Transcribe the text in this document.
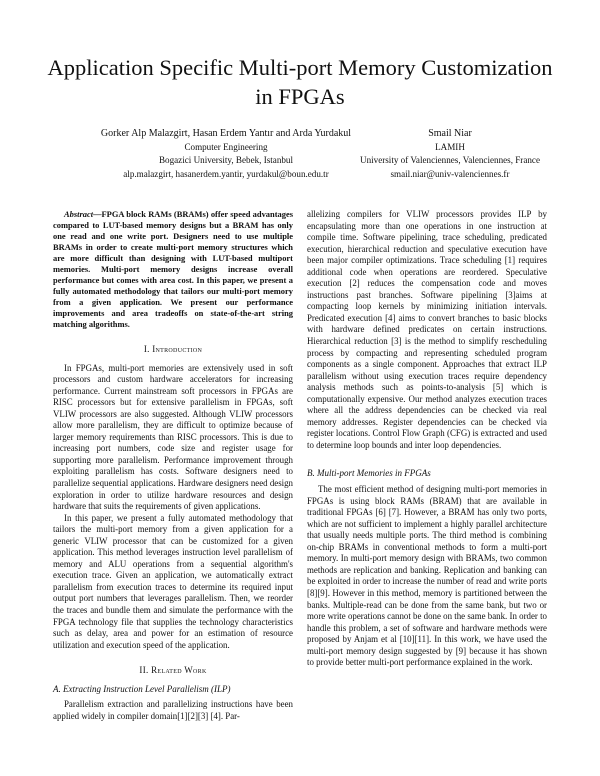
Application Specific Multi-port Memory Customization in FPGAs
Gorker Alp Malazgirt, Hasan Erdem Yantır and Arda Yurdakul
Computer Engineering
Bogazici University, Bebek, Istanbul
alp.malazgirt, hasanerdem.yantir, yurdakul@boun.edu.tr
Smail Niar
LAMIH
University of Valenciennes, Valenciennes, France
smail.niar@univ-valenciennes.fr

Abstract—FPGA block RAMs (BRAMs) offer speed advantages compared to LUT-based memory designs but a BRAM has only one read and one write port. Designers need to use multiple BRAMs in order to create multi-port memory structures which are more difficult than designing with LUT-based multiport memories. Multi-port memory designs increase overall performance but comes with area cost. In this paper, we present a fully automated methodology that tailors our multi-port memory from a given application. We present our performance improvements and area tradeoffs on state-of-the-art string matching algorithms.

I. Introduction

In FPGAs, multi-port memories are extensively used in soft processors and custom hardware accelerators for increasing performance. Current mainstream soft processors in FPGAs are RISC processors but for extensive parallelism in FPGAs, soft VLIW processors are also suggested. Although VLIW processors allow more parallelism, they are difficult to optimize because of larger memory requirements than RISC processors. This is due to increasing port numbers, code size and register usage for supporting more parallelism. Performance improvement through exploiting parallelism has costs. Software designers need to parallelize sequential applications. Hardware designers need design exploration in order to utilize hardware resources and design hardware that suits the requirements of given applications.

In this paper, we present a fully automated methodology that tailors the multi-port memory from a given application for a generic VLIW processor that can be customized for a given application. This method leverages instruction level parallelism of memory and ALU operations from a sequential algorithm's execution trace. Given an application, we automatically extract parallelism from execution traces to determine its required input output port numbers that leverages parallelism. Then, we reorder the traces and bundle them and simulate the performance with the FPGA technology file that supplies the technology characteristics such as delay, area and power for an estimation of resource utilization and execution speed of the application.

II. Related Work
A. Extracting Instruction Level Parallelism (ILP)

Parallelism extraction and parallelizing instructions have been applied widely in compiler domain[1][2][3] [4]. Par-

allelizing compilers for VLIW processors provides ILP by encapsulating more than one operations in one instruction at compile time. Software pipelining, trace scheduling, predicated execution, hierarchical reduction and speculative execution have been major compiler optimizations. Trace scheduling [1] requires additional code when operations are reordered. Speculative execution [2] reduces the compensation code and moves instructions past branches. Software pipelining [3]aims at compacting loop kernels by minimizing initiation intervals. Predicated execution [4] aims to convert branches to basic blocks with hardware defined predicates on certain instructions. Hierarchical reduction [3] is the method to simplify rescheduling process by compacting and representing scheduled program components as a single component. Approaches that extract ILP parallelism without using execution traces require dependency analysis methods such as points-to-analysis [5] which is computationally expensive. Our method analyzes execution traces where all the address dependencies can be checked via real memory addresses. Register dependencies can be checked via register locations. Control Flow Graph (CFG) is extracted and used to determine loop bounds and inter loop dependencies.

B. Multi-port Memories in FPGAs

The most efficient method of designing multi-port memories in FPGAs is using block RAMs (BRAM) that are available in traditional FPGAs [6] [7]. However, a BRAM has only two ports, which are not sufficient to implement a highly parallel architecture that usually needs multiple ports. The third method is combining on-chip BRAMs in conventional methods to form a multi-port memory. In multi-port memory design with BRAMs, two common methods are replication and banking. Replication and banking can be exploited in order to increase the number of read and write ports [8][9]. However in this method, memory is partitioned between the banks. Multiple-read can be done from the same bank, but two or more write operations cannot be done on the same bank. In order to handle this problem, a set of software and hardware methods were proposed by Anjam et al [10][11]. In this work, we have used the multi-port memory design suggested by [9] because it has shown to provide better multi-port performance explained in the work.
